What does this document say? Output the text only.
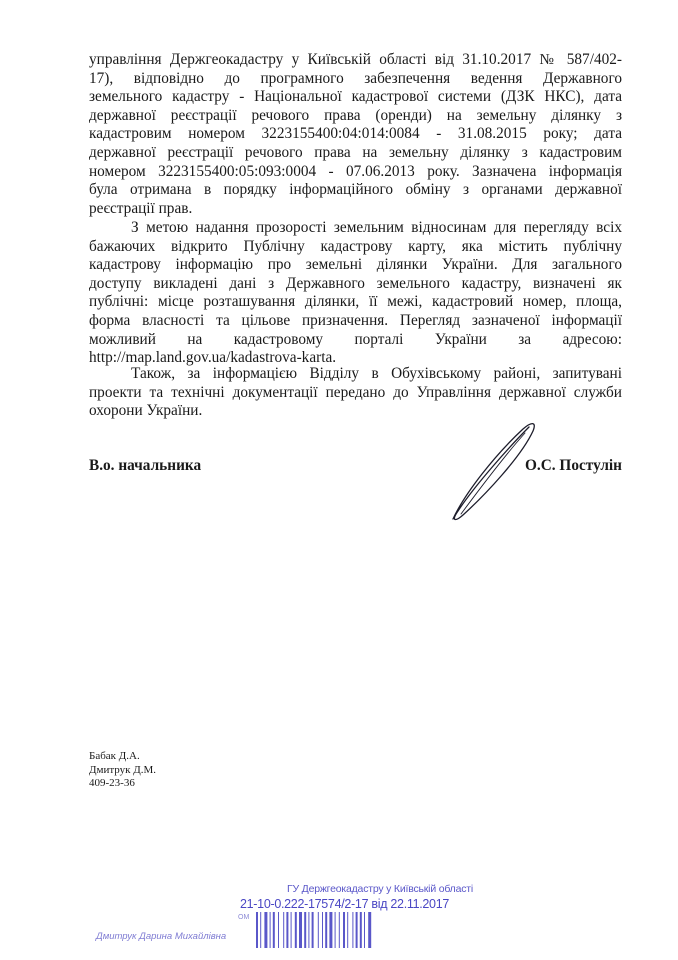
управління Держгеокадастру у Київській області від 31.10.2017 № 587/402-
17), відповідно до програмного забезпечення ведення Державного
земельного кадастру - Національної кадастрової системи (ДЗК НКС), дата
державної реєстрації речового права (оренди) на земельну ділянку з
кадастровим номером 3223155400:04:014:0084 - 31.08.2015 року; дата
державної реєстрації речового права на земельну ділянку з кадастровим
номером 3223155400:05:093:0004 - 07.06.2013 року. Зазначена інформація
була отримана в порядку інформаційного обміну з органами державної
реєстрації прав.
З метою надання прозорості земельним відносинам для перегляду всіх
бажаючих відкрито Публічну кадастрову карту, яка містить публічну
кадастрову інформацію про земельні ділянки України. Для загального
доступу викладені дані з Державного земельного кадастру, визначені як
публічні: місце розташування ділянки, її межі, кадастровий номер, площа,
форма власності та цільове призначення. Перегляд зазначеної інформації
можливий на кадастровому порталі України за адресою:
http://map.land.gov.ua/kadastrova-karta.
Також, за інформацією Відділу в Обухівському районі, запитувані
проекти та технічні документації передано до Управління державної служби
охорони України.
В.о. начальника	О.С. Постулін
Бабак Д.А.
Дмитрук Д.М.
409-23-36
ГУ Держгеокадастру у Київській області
21-10-0.222-17574/2-17 від 22.11.2017
ОМ
Дмитрук Дарина Михайлівна
